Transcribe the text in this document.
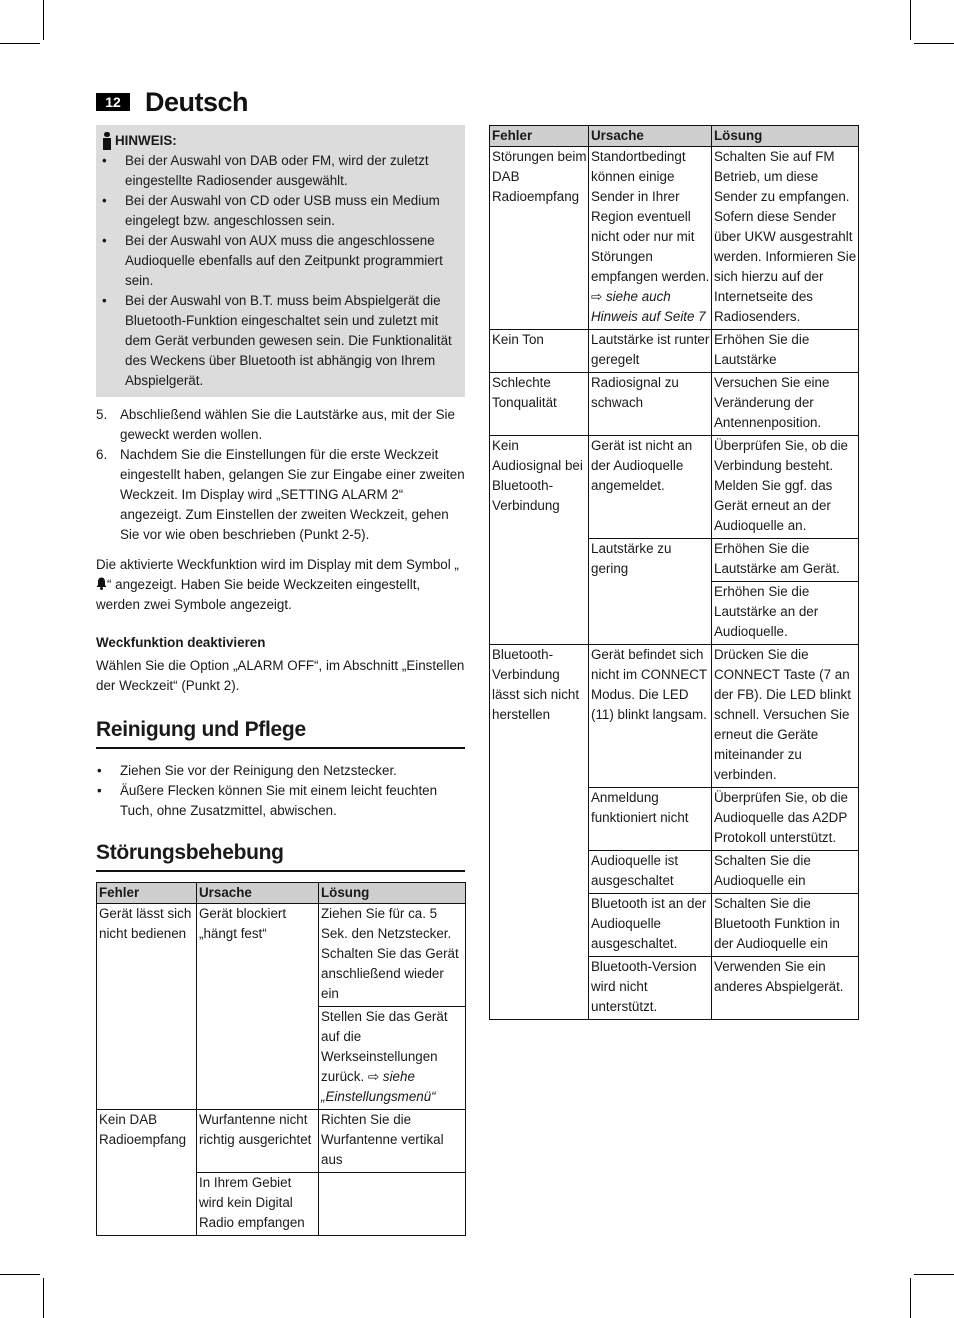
12 Deutsch
HINWEIS:
• Bei der Auswahl von DAB oder FM, wird der zuletzt eingestellte Radiosender ausgewählt.
• Bei der Auswahl von CD oder USB muss ein Medium eingelegt bzw. angeschlossen sein.
• Bei der Auswahl von AUX muss die angeschlossene Audioquelle ebenfalls auf den Zeitpunkt programmiert sein.
• Bei der Auswahl von B.T. muss beim Abspielgerät die Bluetooth-Funktion eingeschaltet sein und zuletzt mit dem Gerät verbunden gewesen sein. Die Funktionalität des Weckens über Bluetooth ist abhängig von Ihrem Abspielgerät.
5. Abschließend wählen Sie die Lautstärke aus, mit der Sie geweckt werden wollen.
6. Nachdem Sie die Einstellungen für die erste Weckzeit eingestellt haben, gelangen Sie zur Eingabe einer zweiten Weckzeit. Im Display wird „SETTING ALARM 2“ angezeigt. Zum Einstellen der zweiten Weckzeit, gehen Sie vor wie oben beschrieben (Punkt 2-5).

Die aktivierte Weckfunktion wird im Display mit dem Symbol „“ angezeigt. Haben Sie beide Weckzeiten eingestellt, werden zwei Symbole angezeigt.

Weckfunktion deaktivieren

Wählen Sie die Option „ALARM OFF“, im Abschnitt „Einstellen der Weckzeit“ (Punkt 2).

Reinigung und Pflege
• Ziehen Sie vor der Reinigung den Netzstecker.
• Äußere Flecken können Sie mit einem leicht feuchten Tuch, ohne Zusatzmittel, abwischen.
Störungsbehebung
Fehler	Ursache	Lösung
Gerät lässt sich nicht bedienen	Gerät blockiert „hängt fest“	Ziehen Sie für ca. 5 Sek. den Netzstecker. Schalten Sie das Gerät anschließend wieder ein
		Stellen Sie das Gerät auf die Werkseinstellungen zurück. ⇨ siehe „Einstellungsmenü“
Kein DAB Radioempfang	Wurfantenne nicht richtig ausgerichtet	Richten Sie die Wurfantenne vertikal aus
	In Ihrem Gebiet wird kein Digital Radio empfangen	
Fehler	Ursache	Lösung
Störungen beim DAB Radioempfang	Standortbedingt können einige Sender in Ihrer Region eventuell nicht oder nur mit Störungen empfangen werden. ⇨ siehe auch Hinweis auf Seite 7	Schalten Sie auf FM Betrieb, um diese Sender zu empfangen. Sofern diese Sender über UKW ausgestrahlt werden. Informieren Sie sich hierzu auf der Internetseite des Radiosenders.
Kein Ton	Lautstärke ist runter geregelt	Erhöhen Sie die Lautstärke
Schlechte Tonqualität	Radiosignal zu schwach	Versuchen Sie eine Veränderung der Antennenposition.
Kein Audiosignal bei Bluetooth-Verbindung	Gerät ist nicht an der Audioquelle angemeldet.	Überprüfen Sie, ob die Verbindung besteht. Melden Sie ggf. das Gerät erneut an der Audioquelle an.
	Lautstärke zu gering	Erhöhen Sie die Lautstärke am Gerät.
		Erhöhen Sie die Lautstärke an der Audioquelle.
Bluetooth-Verbindung lässt sich nicht herstellen	Gerät befindet sich nicht im CONNECT Modus. Die LED (11) blinkt langsam.	Drücken Sie die CONNECT Taste (7 an der FB). Die LED blinkt schnell. Versuchen Sie erneut die Geräte miteinander zu verbinden.
	Anmeldung funktioniert nicht	Überprüfen Sie, ob die Audioquelle das A2DP Protokoll unterstützt.
	Audioquelle ist ausgeschaltet	Schalten Sie die Audioquelle ein
	Bluetooth ist an der Audioquelle ausgeschaltet.	Schalten Sie die Bluetooth Funktion in der Audioquelle ein
	Bluetooth-Version wird nicht unterstützt.	Verwenden Sie ein anderes Abspielgerät.
